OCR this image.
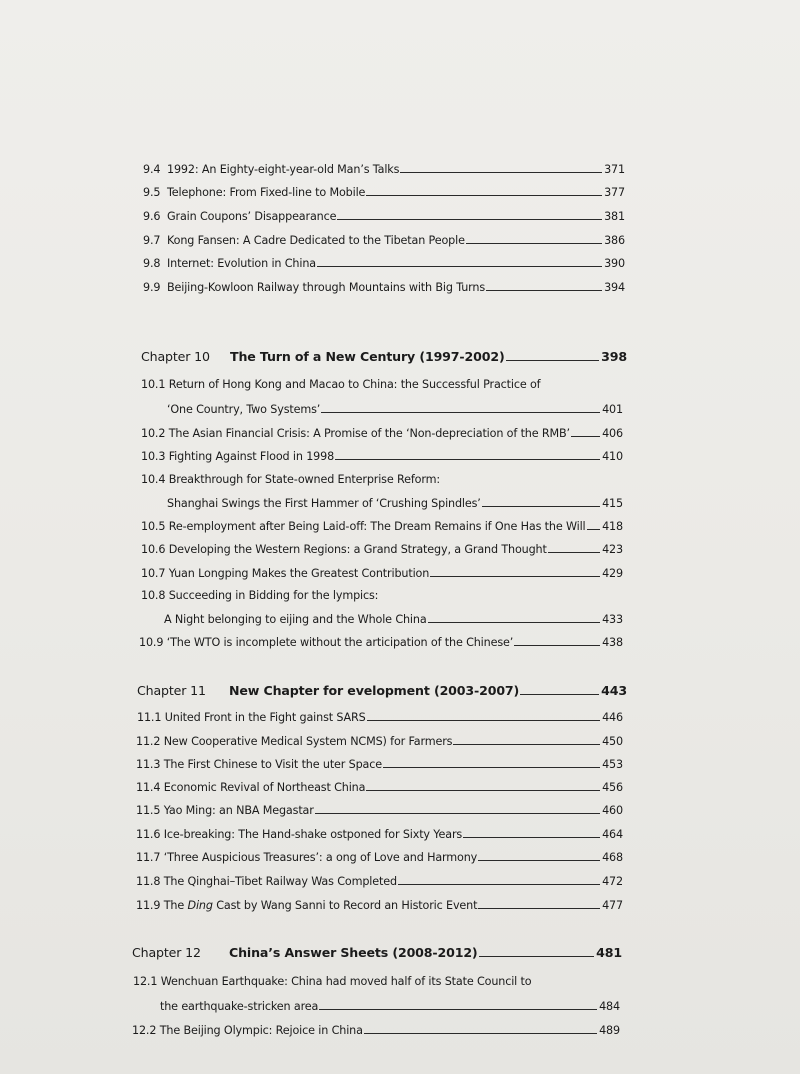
9.4 1992: An Eighty-eight-year-old Man’s Talks	371
9.5 Telephone: From Fixed-line to Mobile	377
9.6 Grain Coupons’ Disappearance	381
9.7 Kong Fansen: A Cadre Dedicated to the Tibetan People	386
9.8 Internet: Evolution in China	390
9.9 Beijing-Kowloon Railway through Mountains with Big Turns	394
Chapter 10	The Turn of a New Century (1997-2002)	398
10.1 Return of Hong Kong and Macao to China: the Successful Practice of
‘One Country, Two Systems’	401
10.2 The Asian Financial Crisis: A Promise of the ‘Non-depreciation of the RMB’	406
10.3 Fighting Against Flood in 1998	410
10.4 Breakthrough for State-owned Enterprise Reform:
Shanghai Swings the First Hammer of ‘Crushing Spindles’	415
10.5 Re-employment after Being Laid-off: The Dream Remains if One Has the Will 418
10.6 Developing the Western Regions: a Grand Strategy, a Grand Thought	423
10.7 Yuan Longping Makes the Greatest Contribution	429
10.8 Succeeding in Bidding for the lympics:
A Night belonging to eijing and the Whole China	433
10.9 ‘The WTO is incomplete without the articipation of the Chinese’	438
Chapter 11	New Chapter for evelopment (2003-2007)	443
11.1 United Front in the Fight gainst SARS	446
11.2 New Cooperative Medical System NCMS) for Farmers	450
11.3 The First Chinese to Visit the uter Space	453
11.4 Economic Revival of Northeast China	456
11.5 Yao Ming: an NBA Megastar	460
11.6 Ice-breaking: The Hand-shake ostponed for Sixty Years	464
11.7 ‘Three Auspicious Treasures’: a ong of Love and Harmony	468
11.8 The Qinghai–Tibet Railway Was Completed	472
11.9 The Ding Cast by Wang Sanni to Record an Historic Event	477
Chapter 12	China’s Answer Sheets (2008-2012)	481
12.1 Wenchuan Earthquake: China had moved half of its State Council to
the earthquake-stricken area	484
12.2 The Beijing Olympic: Rejoice in China	489
